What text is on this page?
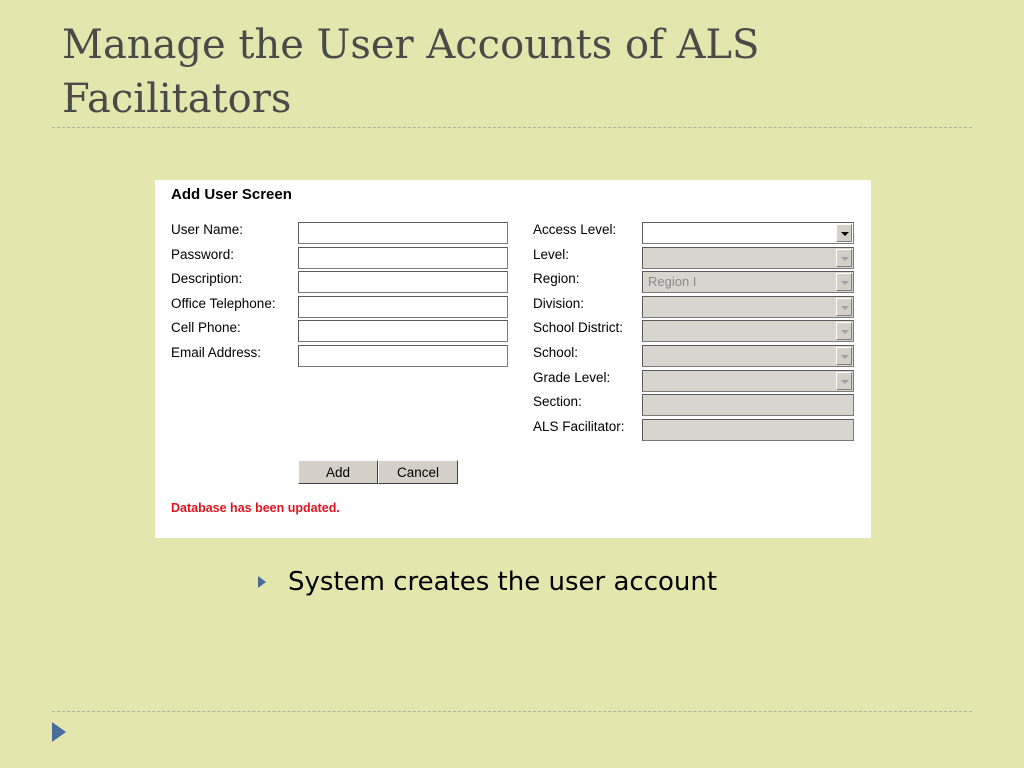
Manage the User Accounts of ALS Facilitators
Add User Screen
User Name:
Password:
Description:
Office Telephone:
Cell Phone:
Email Address:
Access Level:
Level:
Region:
Division:
School District:
School:
Grade Level:
Section:
ALS Facilitator:
Region I
Add	Cancel
Database has been updated.
System creates the user account
